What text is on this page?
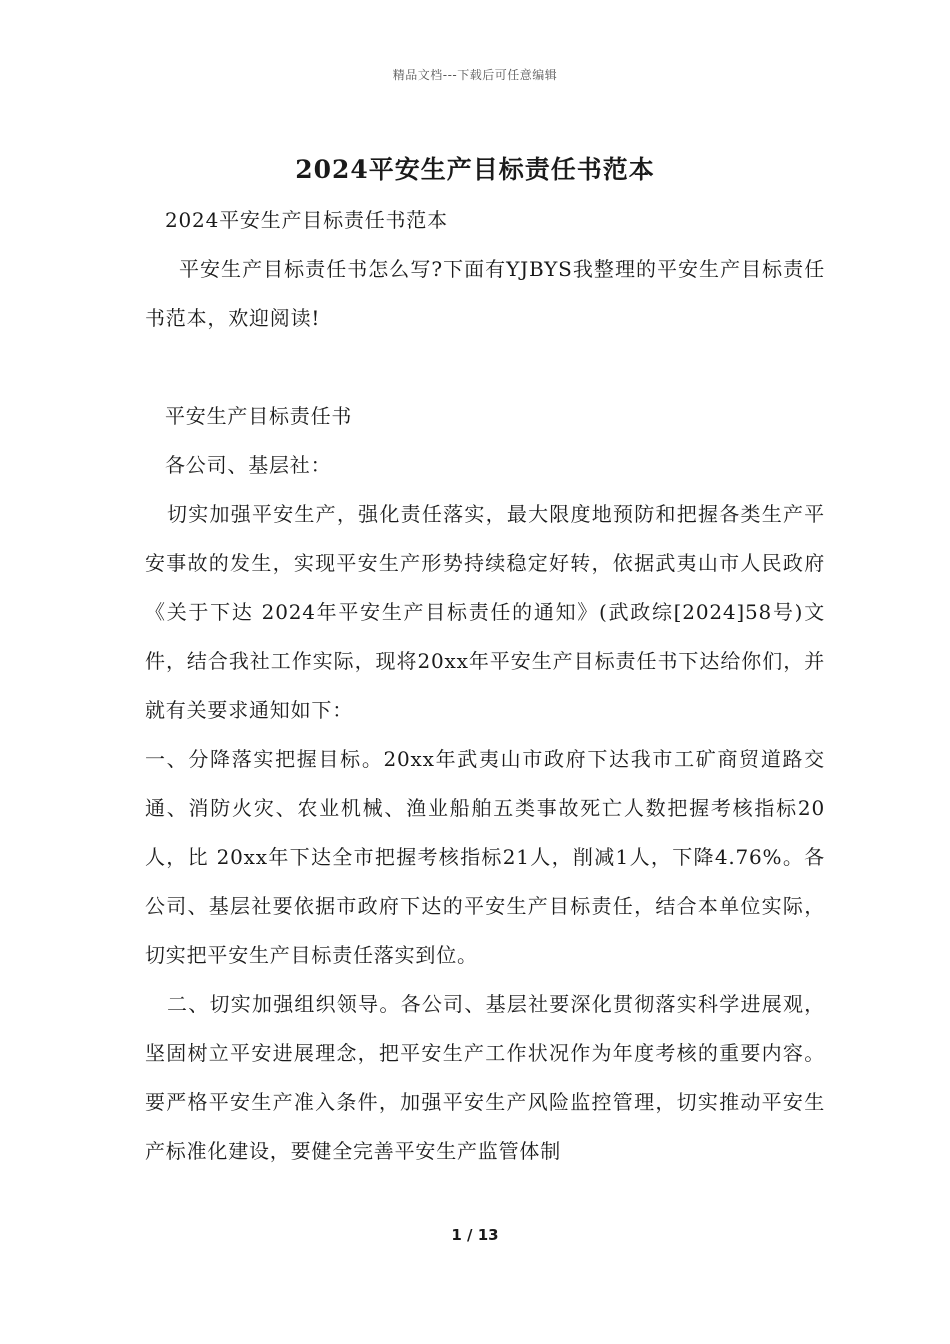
精品文档---下载后可任意编辑
2024平安生产目标责任书范本

2024平安生产目标责任书范本

平安生产目标责任书怎么写?下面有YJBYS我整理的平安生产目标责任书范本，欢迎阅读!

平安生产目标责任书

各公司、基层社：

切实加强平安生产，强化责任落实，最大限度地预防和把握各类生产平安事故的发生，实现平安生产形势持续稳定好转，依据武夷山市人民政府《关于下达 2024年平安生产目标责任的通知》(武政综[2024]58号)文件，结合我社工作实际，现将20xx年平安生产目标责任书下达给你们，并就有关要求通知如下：

一、分降落实把握目标。20xx年武夷山市政府下达我市工矿商贸道路交通、消防火灾、农业机械、渔业船舶五类事故死亡人数把握考核指标20人，比 20xx年下达全市把握考核指标21人，削减1人，下降4.76%。各公司、基层社要依据市政府下达的平安生产目标责任，结合本单位实际，切实把平安生产目标责任落实到位。

二、切实加强组织领导。各公司、基层社要深化贯彻落实科学进展观，坚固树立平安进展理念，把平安生产工作状况作为年度考核的重要内容。要严格平安生产准入条件，加强平安生产风险监控管理，切实推动平安生产标准化建设，要健全完善平安生产监管体制

1 / 13
